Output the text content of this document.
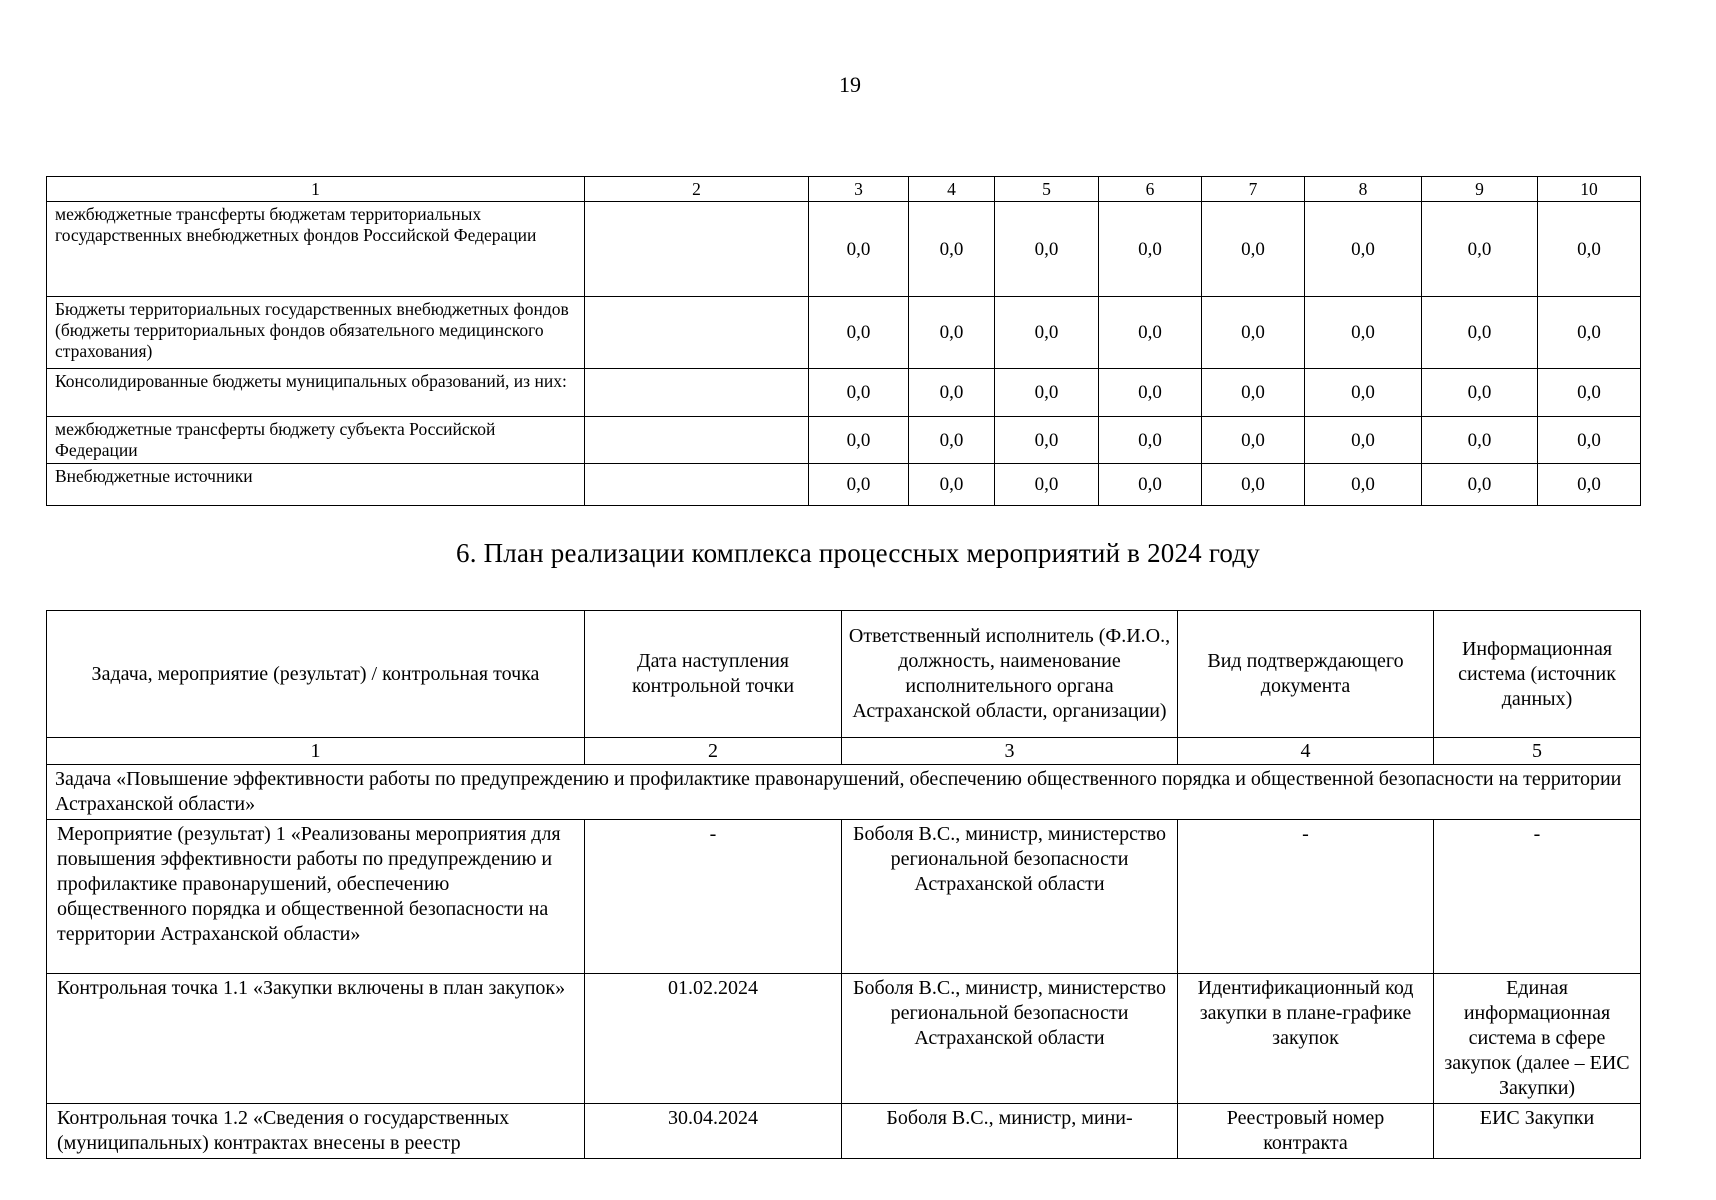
19
1	2	3	4	5	6	7	8	9	10
межбюджетные трансферты бюджетам территориальных государственных внебюджетных фондов Российской Федерации		0,0	0,0	0,0	0,0	0,0	0,0	0,0	0,0
Бюджеты территориальных государственных внебюджетных фондов (бюджеты территориальных фондов обязательного медицинского страхования)		0,0	0,0	0,0	0,0	0,0	0,0	0,0	0,0
Консолидированные бюджеты муниципальных образований, из них:		0,0	0,0	0,0	0,0	0,0	0,0	0,0	0,0
межбюджетные трансферты бюджету субъекта Российской Федерации		0,0	0,0	0,0	0,0	0,0	0,0	0,0	0,0
Внебюджетные источники		0,0	0,0	0,0	0,0	0,0	0,0	0,0	0,0
6. План реализации комплекса процессных мероприятий в 2024 году
Задача, мероприятие (результат) / контрольная точка	Дата наступления контрольной точки	Ответственный исполнитель (Ф.И.О., должность, наименование исполнительного органа Астраханской области, организации)	Вид подтверждающего документа	Информационная система (источник данных)
1	2	3	4	5
Задача «Повышение эффективности работы по предупреждению и профилактике правонарушений, обеспечению общественного порядка и общественной безопасности на территории Астраханской области»				
Мероприятие (результат) 1 «Реализованы мероприятия для повышения эффективности работы по предупреждению и профилактике правонарушений, обеспечению общественного порядка и общественной безопасности на территории Астраханской области»	-	Боболя В.С., министр, министерство региональной безопасности Астраханской области	-	-
Контрольная точка 1.1 «Закупки включены в план закупок»	01.02.2024	Боболя В.С., министр, министерство региональной безопасности Астраханской области	Идентификационный код закупки в плане-графике закупок	Единая информационная система в сфере закупок (далее – ЕИС Закупки)
Контрольная точка 1.2 «Сведения о государственных (муниципальных) контрактах внесены в реестр	30.04.2024	Боболя В.С., министр, мини-	Реестровый номер контракта	ЕИС Закупки
